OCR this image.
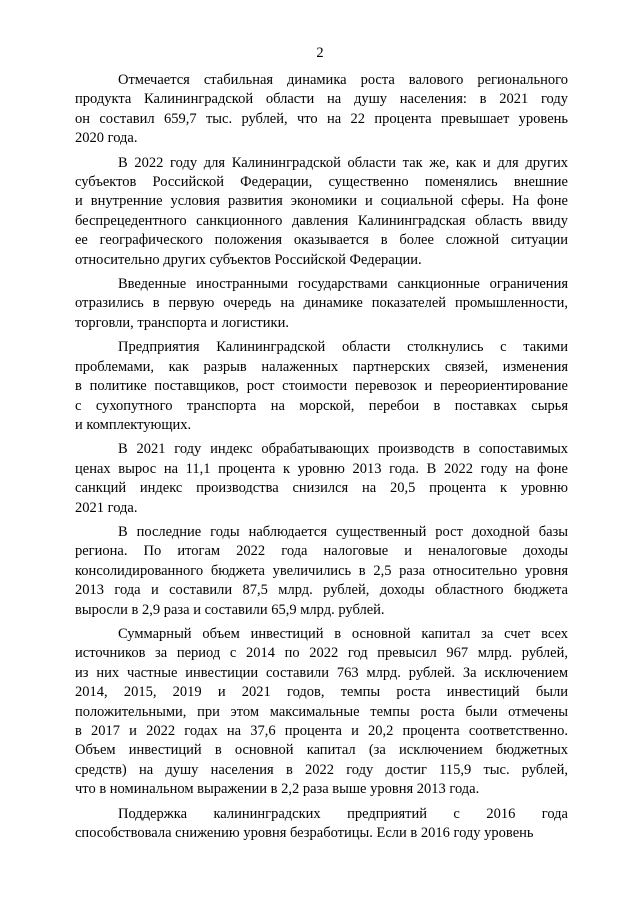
2
Отмечается стабильная динамика роста валового регионального
продукта Калининградской области на душу населения: в 2021 году
он составил 659,7 тыс. рублей, что на 22 процента превышает уровень
2020 года.
В 2022 году для Калининградской области так же, как и для других
субъектов Российской Федерации, существенно поменялись внешние
и внутренние условия развития экономики и социальной сферы. На фоне
беспрецедентного санкционного давления Калининградская область ввиду
ее географического положения оказывается в более сложной ситуации
относительно других субъектов Российской Федерации.
Введенные иностранными государствами санкционные ограничения
отразились в первую очередь на динамике показателей промышленности,
торговли, транспорта и логистики.
Предприятия Калининградской области столкнулись с такими
проблемами, как разрыв налаженных партнерских связей, изменения
в политике поставщиков, рост стоимости перевозок и переориентирование
с сухопутного транспорта на морской, перебои в поставках сырья
и комплектующих.
В 2021 году индекс обрабатывающих производств в сопоставимых
ценах вырос на 11,1 процента к уровню 2013 года. В 2022 году на фоне
санкций индекс производства снизился на 20,5 процента к уровню
2021 года.
В последние годы наблюдается существенный рост доходной базы
региона. По итогам 2022 года налоговые и неналоговые доходы
консолидированного бюджета увеличились в 2,5 раза относительно уровня
2013 года и составили 87,5 млрд. рублей, доходы областного бюджета
выросли в 2,9 раза и составили 65,9 млрд. рублей.
Суммарный объем инвестиций в основной капитал за счет всех
источников за период с 2014 по 2022 год превысил 967 млрд. рублей,
из них частные инвестиции составили 763 млрд. рублей. За исключением
2014, 2015, 2019 и 2021 годов, темпы роста инвестиций были
положительными, при этом максимальные темпы роста были отмечены
в 2017 и 2022 годах на 37,6 процента и 20,2 процента соответственно.
Объем инвестиций в основной капитал (за исключением бюджетных
средств) на душу населения в 2022 году достиг 115,9 тыс. рублей,
что в номинальном выражении в 2,2 раза выше уровня 2013 года.
Поддержка калининградских предприятий с 2016 года
способствовала снижению уровня безработицы. Если в 2016 году уровень
